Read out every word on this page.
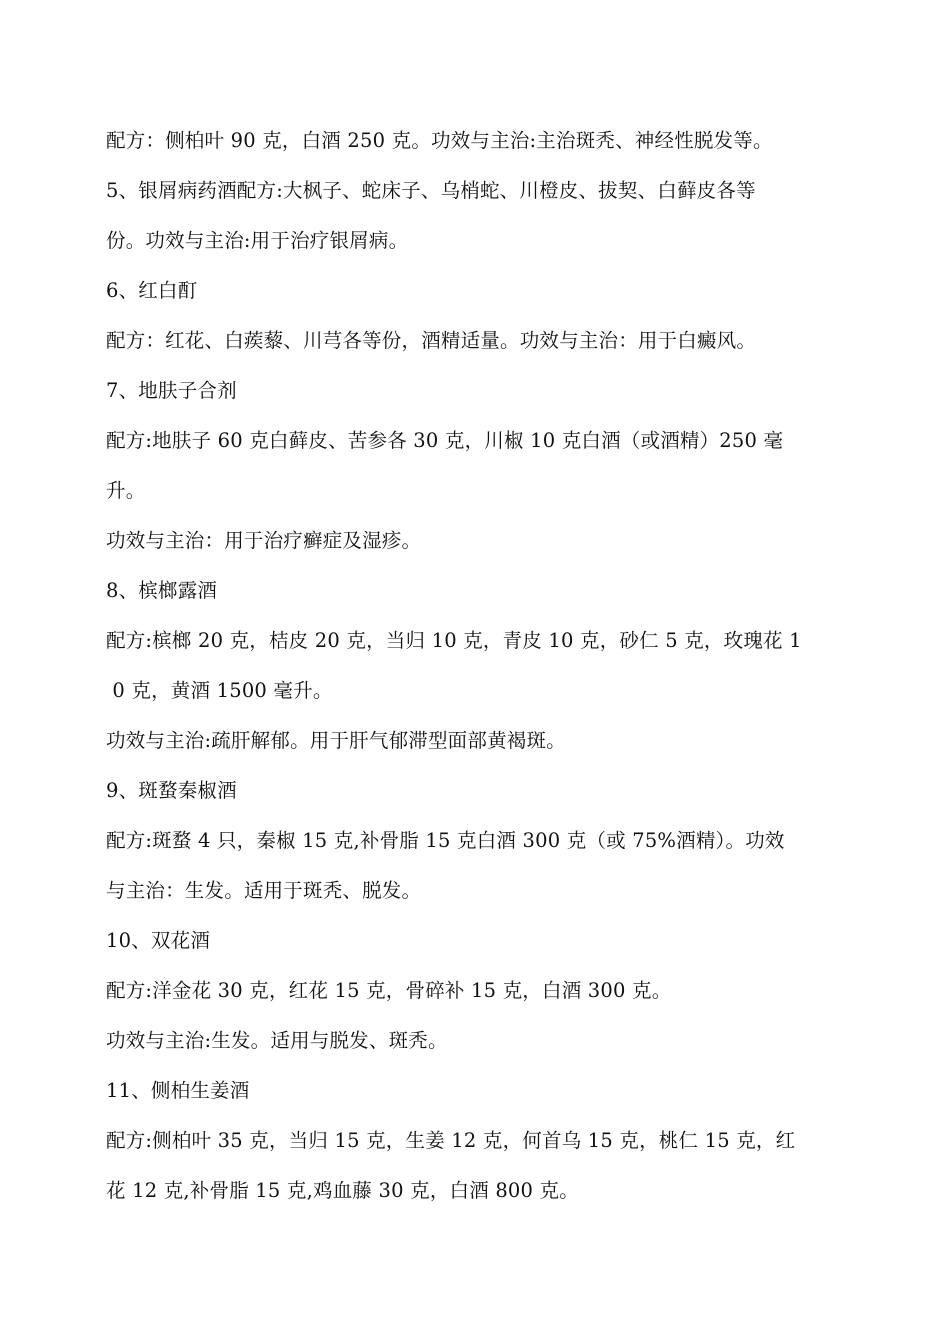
配方：侧柏叶 90 克，白酒 250 克。功效与主治:主治斑秃、神经性脱发等。
5、银屑病药酒配方:大枫子、蛇床子、乌梢蛇、川橙皮、拔契、白藓皮各等
份。功效与主治:用于治疗银屑病。
6、红白酊
配方：红花、白蒺藜、川芎各等份，酒精适量。功效与主治：用于白癜风。
7、地肤子合剂
配方:地肤子 60 克白藓皮、苦参各 30 克，川椒 10 克白酒（或酒精）250 毫
升。
功效与主治：用于治疗癣症及湿疹。
8、槟榔露酒
配方:槟榔 20 克，桔皮 20 克，当归 10 克，青皮 10 克，砂仁 5 克，玫瑰花 1
0 克，黄酒 1500 毫升。
功效与主治:疏肝解郁。用于肝气郁滞型面部黄褐斑。
9、斑蝥秦椒酒
配方:斑蝥 4 只，秦椒 15 克,补骨脂 15 克白酒 300 克（或 75%酒精）。功效
与主治：生发。适用于斑秃、脱发。
10、双花酒
配方:洋金花 30 克，红花 15 克，骨碎补 15 克，白酒 300 克。
功效与主治:生发。适用与脱发、斑秃。
11、侧柏生姜酒
配方:侧柏叶 35 克，当归 15 克，生姜 12 克，何首乌 15 克，桃仁 15 克，红
花 12 克,补骨脂 15 克,鸡血藤 30 克，白酒 800 克。
